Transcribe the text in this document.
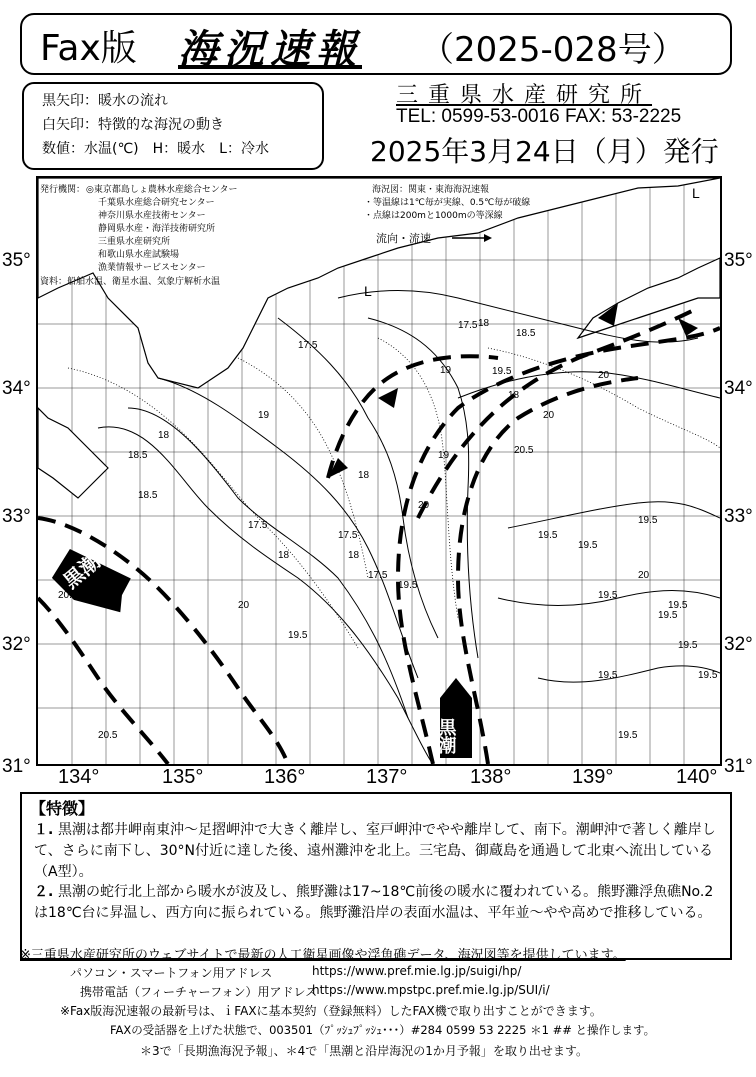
Fax版 海況速報 （2025-028号）
黒矢印：暖水の流れ
白矢印：特徴的な海況の動き
数値：水温(℃)　H：暖水　L：冷水
三重県水産研究所
TEL: 0599-53-0016 FAX: 53-2225
2025年3月24日（月）発行
L
L
黒潮
黒潮
発行機関： ◎東京都島しょ農林水産総合センター
千葉県水産総合研究センター
神奈川県水産技術センター
静岡県水産・海洋技術研究所
三重県水産研究所
和歌山県水産試験場
漁業情報サービスセンター
資料：船舶水温、衛星水温、気象庁解析水温
海況図：関東・東海海況速報
・等温線は1℃毎が実線、0.5℃毎が破線
・点線は200mと1000mの等深線
流向・流速
17.5 18
18.5
19	19.5
20
20.5
18
17.5
19.5
20
19.5
18.5
18
19
20
19.5
19.5
20.5
20.5
19.5
18
17.5
19.5
20
19
18
17.5
18.5
19.5
19.5
19.5
19.5
19.5
19.5
20
18
17.5
35°
34°
33°
32°
31°
35°
34°
33°
32°
31°
134°	135°	136°	137°	138°	139°	140°
【特徴】
１. 黒潮は都井岬南東沖〜足摺岬沖で大きく離岸し、室戸岬沖でやや離岸して、南下。潮岬沖で著しく離岸して、さらに南下し、30°N付近に達した後、遠州灘沖を北上。三宅島、御蔵島を通過して北東へ流出している（A型）。
２. 黒潮の蛇行北上部から暖水が波及し、熊野灘は17~18℃前後の暖水に覆われている。熊野灘浮魚礁No.2は18℃台に昇温し、西方向に振られている。熊野灘沿岸の表面水温は、平年並〜やや高めで推移している。
※三重県水産研究所のウェブサイトで最新の人工衛星画像や浮魚礁データ、海況図等を提供しています。
パソコン・スマートフォン用アドレス	https://www.pref.mie.lg.jp/suigi/hp/
携帯電話（フィーチャーフォン）用アドレス
https://www.mpstpc.pref.mie.lg.jp/SUI/i/
※Fax版海況速報の最新号は、ｉFAXに基本契約（登録無料）したFAX機で取り出すことができます。
FAXの受話器を上げた状態で、003501（ﾌﾟｯｼｭﾌﾟｯｼｭ･･･）#284 0599 53 2225 ＊1 ## と操作します。
＊3で「長期漁海況予報」、＊4で「黒潮と沿岸海況の1か月予報」を取り出せます。
